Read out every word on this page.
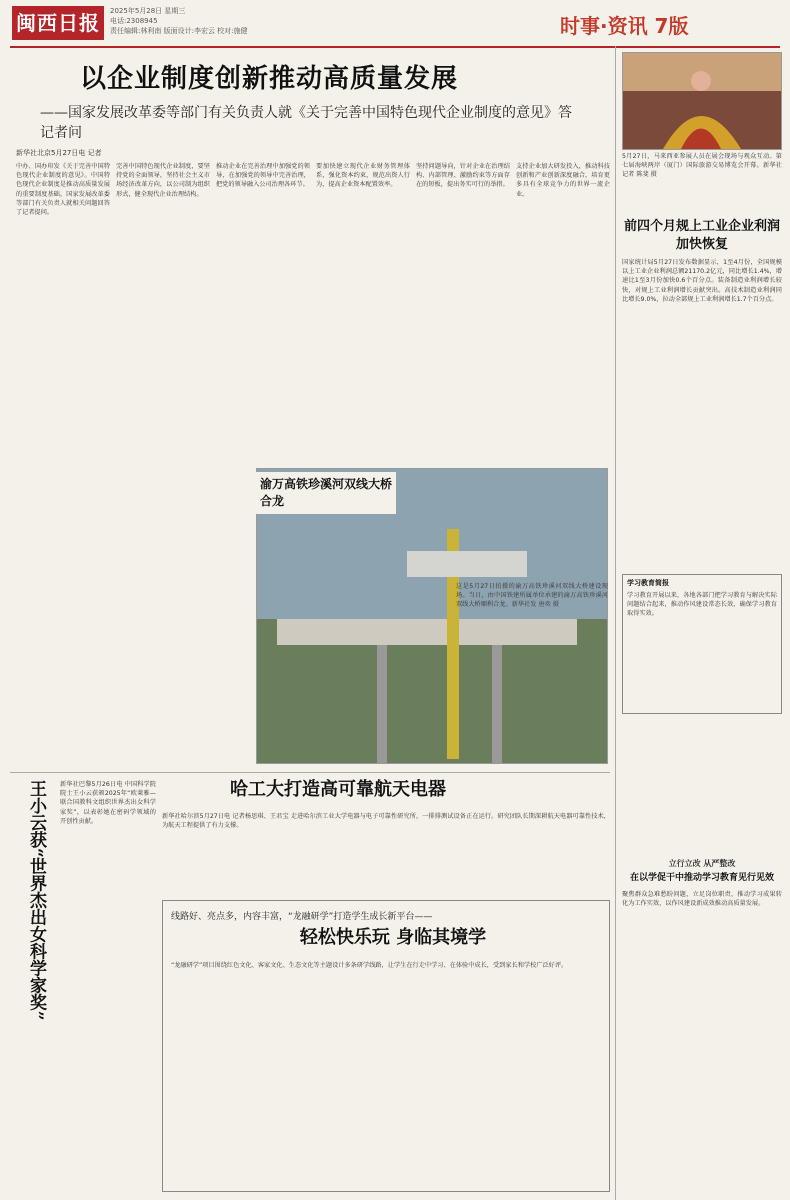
闽西日报	2025年5月28日 星期三
电话:2308945
责任编辑:林利南 版面设计:李宏云 校对:施健	时事·资讯 7版
以企业制度创新推动高质量发展
——国家发展改革委等部门有关负责人就《关于完善中国特色现代企业制度的意见》答记者问
新华社北京5月27日电 记者
中办、国办印发《关于完善中国特色现代企业制度的意见》。中国特色现代企业制度是推动高质量发展的重要制度基础。国家发展改革委等部门有关负责人就相关问题回答了记者提问。
完善中国特色现代企业制度，要坚持党的全面领导，坚持社会主义市场经济改革方向，以公司制为组织形式，健全现代企业治理结构。
推动企业在完善治理中加强党的领导，在加强党的领导中完善治理，把党的领导融入公司治理各环节。
要加快建立现代企业财务管理体系，强化资本约束，规范出资人行为，提高企业资本配置效率。
坚持问题导向，针对企业在治理结构、内部管理、激励约束等方面存在的短板，提出务实可行的举措。
支持企业加大研发投入，推动科技创新和产业创新深度融合，培育更多具有全球竞争力的世界一流企业。
5月27日，马来西亚参展人员在展会现场与观众互动。第七届海峡两岸（厦门）国际旅游交易博览会开幕。新华社记者 陈斐 摄
前四个月规上工业企业利润加快恢复
国家统计局5月27日发布数据显示，1至4月份，全国规模以上工业企业利润总额21170.2亿元，同比增长1.4%，增速比1至3月份加快0.6个百分点。装备制造业利润增长较快，对规上工业利润增长贡献突出。高技术制造业利润同比增长9.0%，拉动全部规上工业利润增长1.7个百分点。
渝万高铁珍溪河双线大桥合龙
这是5月27日拍摄的渝万高铁珍溪河双线大桥建设现场。当日，由中国铁建所属单位承建的渝万高铁珍溪河双线大桥顺利合龙。新华社发 唐奕 摄
王小云获“世界杰出女科学家奖” 新华社巴黎5月26日电 中国科学院院士王小云获颁2025年“欧莱雅—联合国教科文组织世界杰出女科学家奖”，以表彰她在密码学领域的开创性贡献。
哈工大打造高可靠航天电器
新华社哈尔滨5月27日电 记者杨思琪、王君宝 走进哈尔滨工业大学电器与电子可靠性研究所，一排排测试设备正在运行。研究团队长期深耕航天电器可靠性技术，为航天工程提供了有力支撑。
线路好、亮点多，内容丰富，“龙融研学”打造学生成长新平台——
轻松快乐玩 身临其境学
“龙融研学”项目围绕红色文化、客家文化、生态文化等主题设计多条研学线路，让学生在行走中学习、在体验中成长，受到家长和学校广泛好评。
学习教育简报
学习教育开展以来，各地各部门把学习教育与解决实际问题结合起来，推动作风建设常态长效，确保学习教育取得实效。
立行立改 从严整改
在以学促干中推动学习教育见行见效
聚焦群众急难愁盼问题，立足岗位职责，推动学习成果转化为工作实效，以作风建设新成效推动高质量发展。
